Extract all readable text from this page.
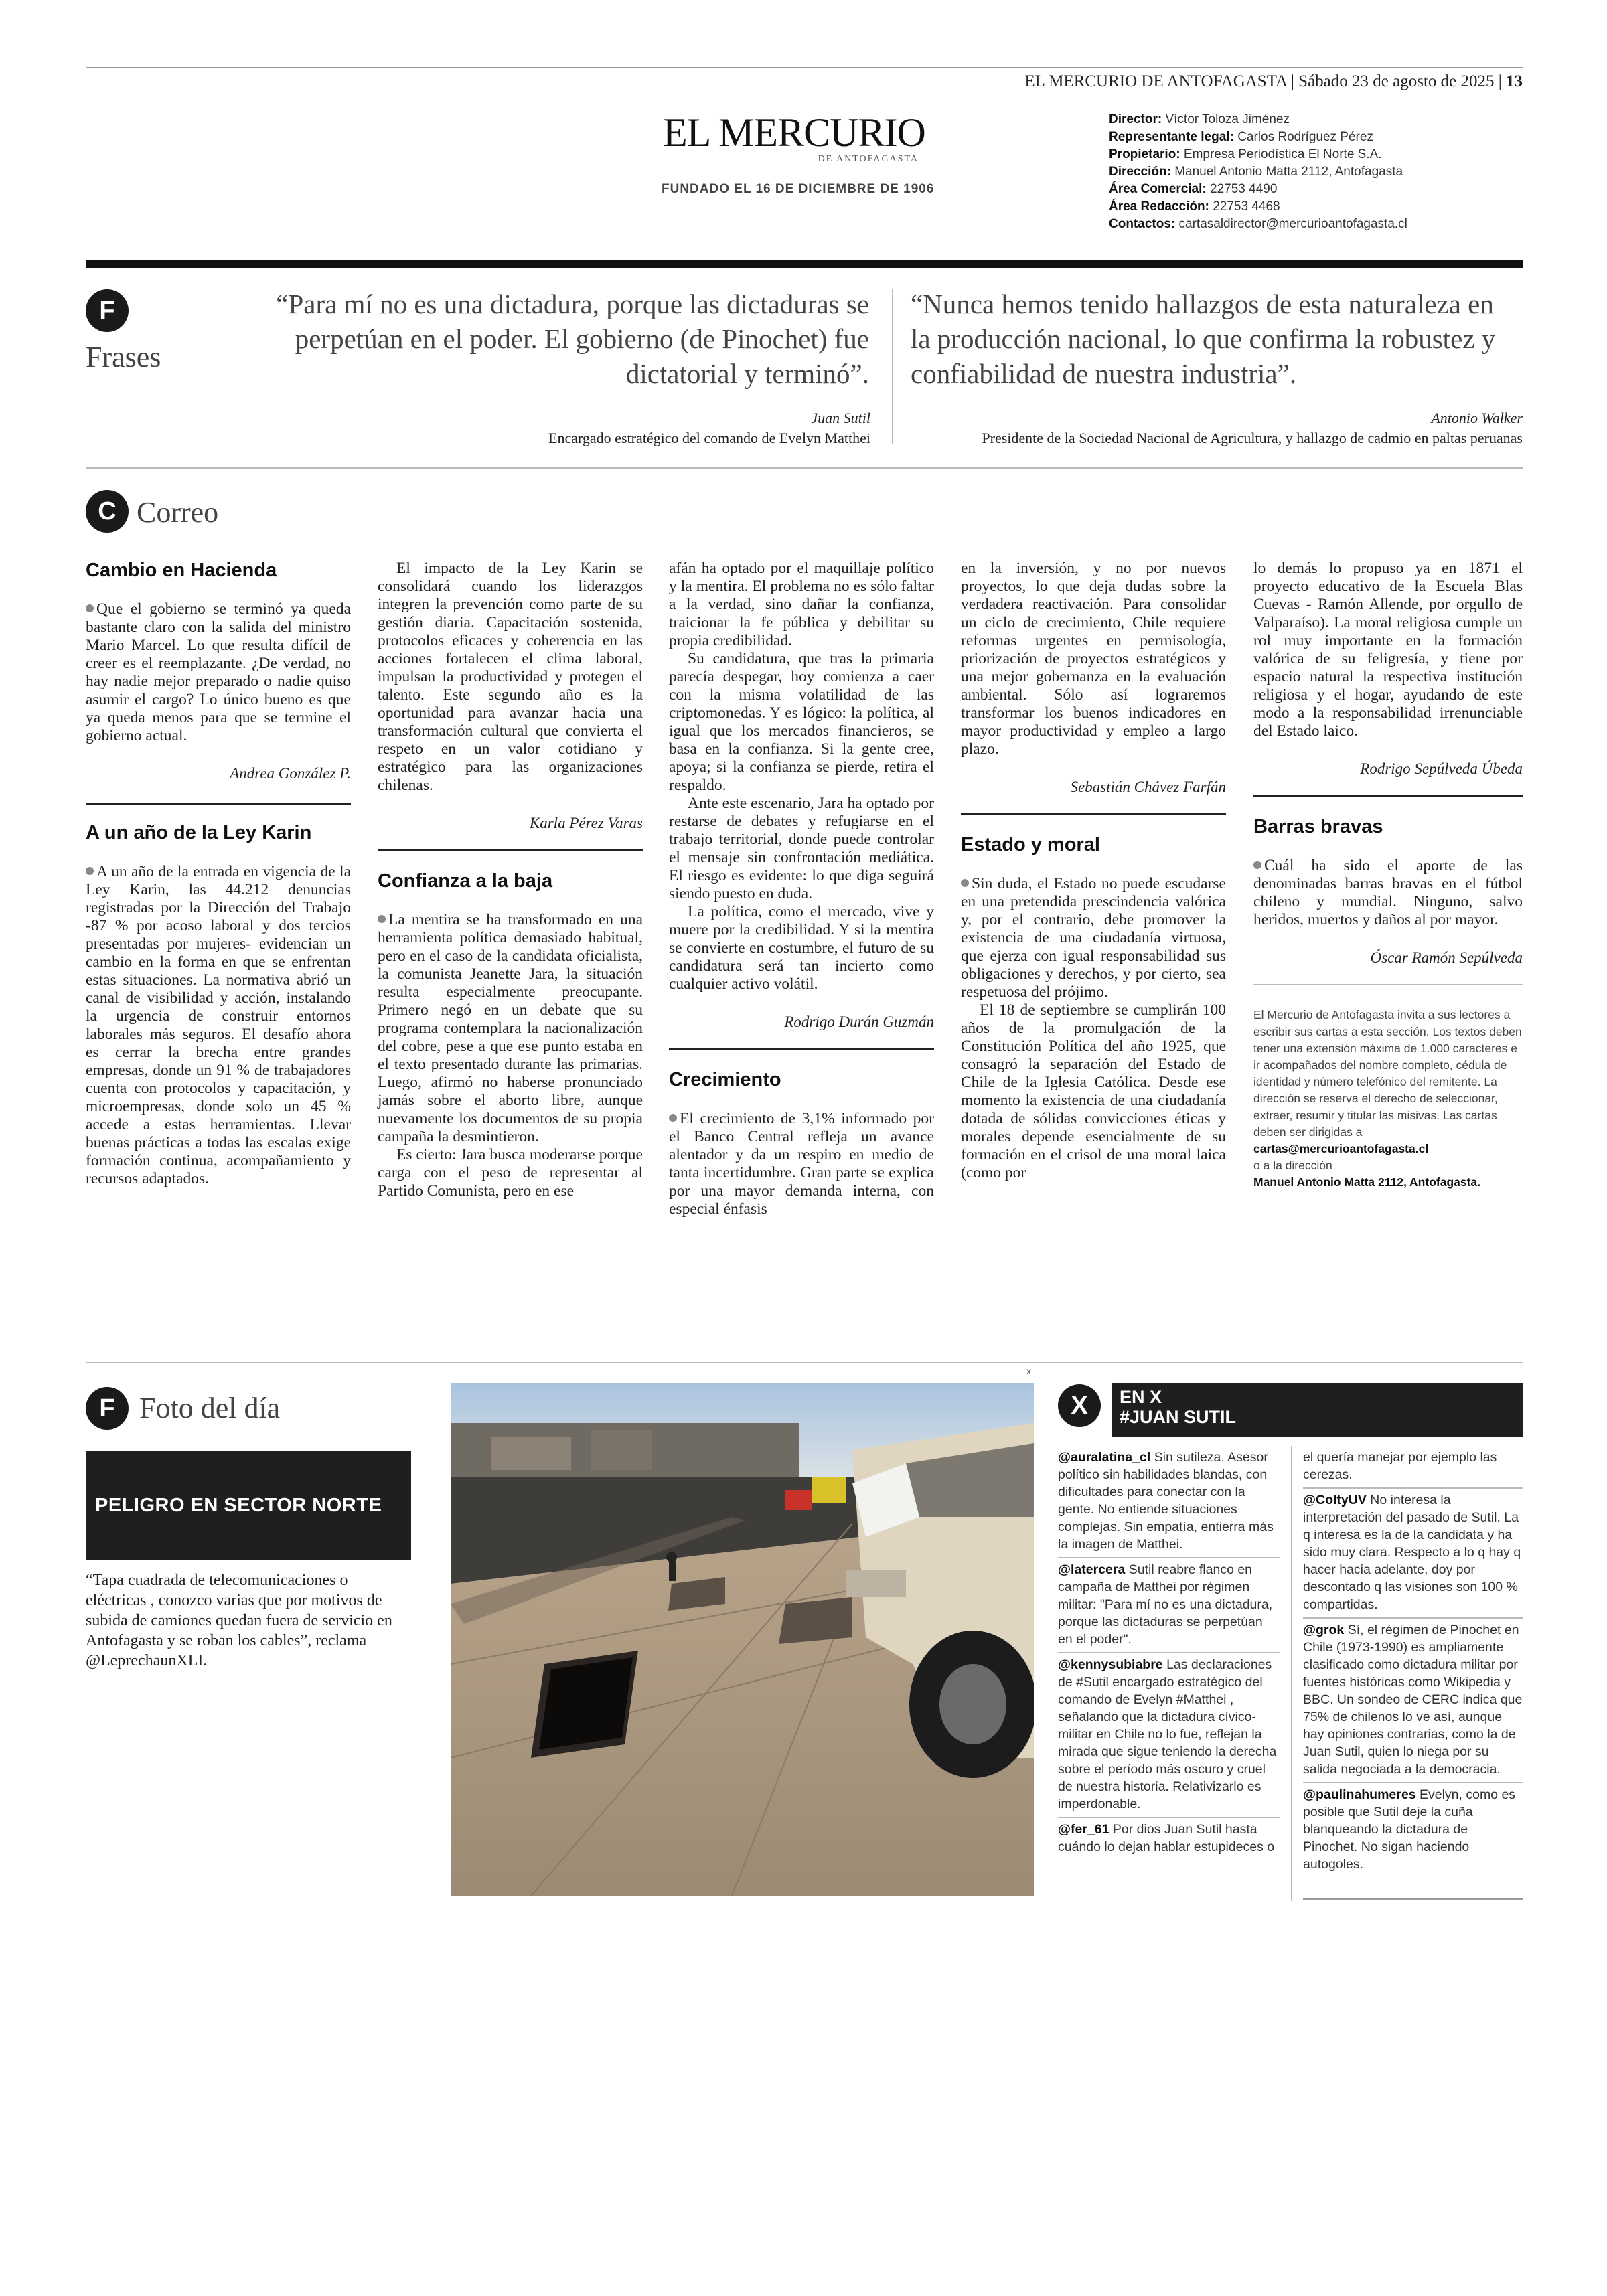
EL MERCURIO DE ANTOFAGASTA | Sábado 23 de agosto de 2025 | 13
EL MERCURIO
DE ANTOFAGASTA
FUNDADO EL 16 DE DICIEMBRE DE 1906
Director: Víctor Toloza Jiménez
Representante legal: Carlos Rodríguez Pérez
Propietario: Empresa Periodística El Norte S.A.
Dirección: Manuel Antonio Matta 2112, Antofagasta
Área Comercial: 22753 4490
Área Redacción: 22753 4468
Contactos: cartasaldirector@mercurioantofagasta.cl
F
Frases
“Para mí no es una dictadura, porque las dictaduras se perpetúan en el poder. El gobierno (de Pinochet) fue dictatorial y terminó”.
Juan Sutil
Encargado estratégico del comando de Evelyn Matthei
“Nunca hemos tenido hallazgos de esta naturaleza en la producción nacional, lo que confirma la robustez y confiabilidad de nuestra industria”.
Antonio Walker
Presidente de la Sociedad Nacional de Agricultura, y hallazgo de cadmio en paltas peruanas
C Correo
Cambio en Hacienda

Que el gobierno se terminó ya queda bastante claro con la salida del ministro Mario Marcel. Lo que resulta difícil de creer es el reemplazante. ¿De verdad, no hay nadie mejor preparado o nadie quiso asumir el cargo? Lo único bueno es que ya queda menos para que se termine el gobierno actual.

Andrea González P.
A un año de la Ley Karin

A un año de la entrada en vigencia de la Ley Karin, las 44.212 denuncias registradas por la Dirección del Trabajo -87 % por acoso laboral y dos tercios presentadas por mujeres- evidencian un cambio en la forma en que se enfrentan estas situaciones. La normativa abrió un canal de visibilidad y acción, instalando la urgencia de construir entornos laborales más seguros. El desafío ahora es cerrar la brecha entre grandes empresas, donde un 91 % de trabajadores cuenta con protocolos y capacitación, y microempresas, donde solo un 45 % accede a estas herramientas. Llevar buenas prácticas a todas las escalas exige formación continua, acompañamiento y recursos adaptados.

El impacto de la Ley Karin se consolidará cuando los liderazgos integren la prevención como parte de su gestión diaria. Capacitación sostenida, protocolos eficaces y coherencia en las acciones fortalecen el clima laboral, impulsan la productividad y protegen el talento. Este segundo año es la oportunidad para avanzar hacia una transformación cultural que convierta el respeto en un valor cotidiano y estratégico para las organizaciones chilenas.

Karla Pérez Varas
Confianza a la baja

La mentira se ha transformado en una herramienta política demasiado habitual, pero en el caso de la candidata oficialista, la comunista Jeanette Jara, la situación resulta especialmente preocupante. Primero negó en un debate que su programa contemplara la nacionalización del cobre, pese a que ese punto estaba en el texto presentado durante las primarias. Luego, afirmó no haberse pronunciado jamás sobre el aborto libre, aunque nuevamente los documentos de su propia campaña la desmintieron.

Es cierto: Jara busca moderarse porque carga con el peso de representar al Partido Comunista, pero en ese

afán ha optado por el maquillaje político y la mentira. El problema no es sólo faltar a la verdad, sino dañar la confianza, traicionar la fe pública y debilitar su propia credibilidad.

Su candidatura, que tras la primaria parecía despegar, hoy comienza a caer con la misma volatilidad de las criptomonedas. Y es lógico: la política, al igual que los mercados financieros, se basa en la confianza. Si la gente cree, apoya; si la confianza se pierde, retira el respaldo.

Ante este escenario, Jara ha optado por restarse de debates y refugiarse en el trabajo territorial, donde puede controlar el mensaje sin confrontación mediática. El riesgo es evidente: lo que diga seguirá siendo puesto en duda.

La política, como el mercado, vive y muere por la credibilidad. Y si la mentira se convierte en costumbre, el futuro de su candidatura será tan incierto como cualquier activo volátil.

Rodrigo Durán Guzmán
Crecimiento

El crecimiento de 3,1% informado por el Banco Central refleja un avance alentador y da un respiro en medio de tanta incertidumbre. Gran parte se explica por una mayor demanda interna, con especial énfasis

en la inversión, y no por nuevos proyectos, lo que deja dudas sobre la verdadera reactivación. Para consolidar un ciclo de crecimiento, Chile requiere reformas urgentes en permisología, priorización de proyectos estratégicos y una mejor gobernanza en la evaluación ambiental. Sólo así lograremos transformar los buenos indicadores en mayor productividad y empleo a largo plazo.

Sebastián Chávez Farfán
Estado y moral

Sin duda, el Estado no puede escudarse en una pretendida prescindencia valórica y, por el contrario, debe promover la existencia de una ciudadanía virtuosa, que ejerza con igual responsabilidad sus obligaciones y derechos, y por cierto, sea respetuosa del prójimo.

El 18 de septiembre se cumplirán 100 años de la promulgación de la Constitución Política del año 1925, que consagró la separación del Estado de Chile de la Iglesia Católica. Desde ese momento la existencia de una ciudadanía dotada de sólidas convicciones éticas y morales depende esencialmente de su formación en el crisol de una moral laica (como por

lo demás lo propuso ya en 1871 el proyecto educativo de la Escuela Blas Cuevas - Ramón Allende, por orgullo de Valparaíso). La moral religiosa cumple un rol muy importante en la formación valórica de su feligresía, y tiene por espacio natural la respectiva institución religiosa y el hogar, ayudando de este modo a la responsabilidad irrenunciable del Estado laico.

Rodrigo Sepúlveda Úbeda
Barras bravas

Cuál ha sido el aporte de las denominadas barras bravas en el fútbol chileno y mundial. Ninguno, salvo heridos, muertos y daños al por mayor.

Óscar Ramón Sepúlveda
El Mercurio de Antofagasta invita a sus lectores a escribir sus cartas a esta sección. Los textos deben tener una extensión máxima de 1.000 caracteres e ir acompañados del nombre completo, cédula de identidad y número telefónico del remitente. La dirección se reserva el derecho de seleccionar, extraer, resumir y titular las misivas. Las cartas deben ser dirigidas a
cartas@mercurioantofagasta.cl
o a la dirección
Manuel Antonio Matta 2112, Antofagasta.
F Foto del día
PELIGRO EN SECTOR NORTE
“Tapa cuadrada de telecomunicaciones o eléctricas , conozco varias que por motivos de subida de camiones quedan fuera de servicio en Antofagasta y se roban los cables”, reclama @LeprechaunXLI.
x
X	EN X
#JUAN SUTIL

@auralatina_cl Sin sutileza. Asesor político sin habilidades blandas, con dificultades para conectar con la gente. No entiende situaciones complejas. Sin empatía, entierra más la imagen de Matthei.

@latercera Sutil reabre flanco en campaña de Matthei por régimen militar: "Para mí no es una dictadura, porque las dictaduras se perpetúan en el poder".

@kennysubiabre Las declaraciones de #Sutil encargado estratégico del comando de Evelyn #Matthei , señalando que la dictadura cívico-militar en Chile no lo fue, reflejan la mirada que sigue teniendo la derecha sobre el período más oscuro y cruel de nuestra historia. Relativizarlo es imperdonable.

@fer_61 Por dios Juan Sutil hasta cuándo lo dejan hablar estupideces o

el quería manejar por ejemplo las cerezas.

@ColtyUV No interesa la interpretación del pasado de Sutil. La q interesa es la de la candidata y ha sido muy clara. Respecto a lo q hay q hacer hacia adelante, doy por descontado q las visiones son 100 % compartidas.

@grok Sí, el régimen de Pinochet en Chile (1973-1990) es ampliamente clasificado como dictadura militar por fuentes históricas como Wikipedia y BBC. Un sondeo de CERC indica que 75% de chilenos lo ve así, aunque hay opiniones contrarias, como la de Juan Sutil, quien lo niega por su salida negociada a la democracia.

@paulinahumeres Evelyn, como es posible que Sutil deje la cuña blanqueando la dictadura de Pinochet. No sigan haciendo autogoles.
